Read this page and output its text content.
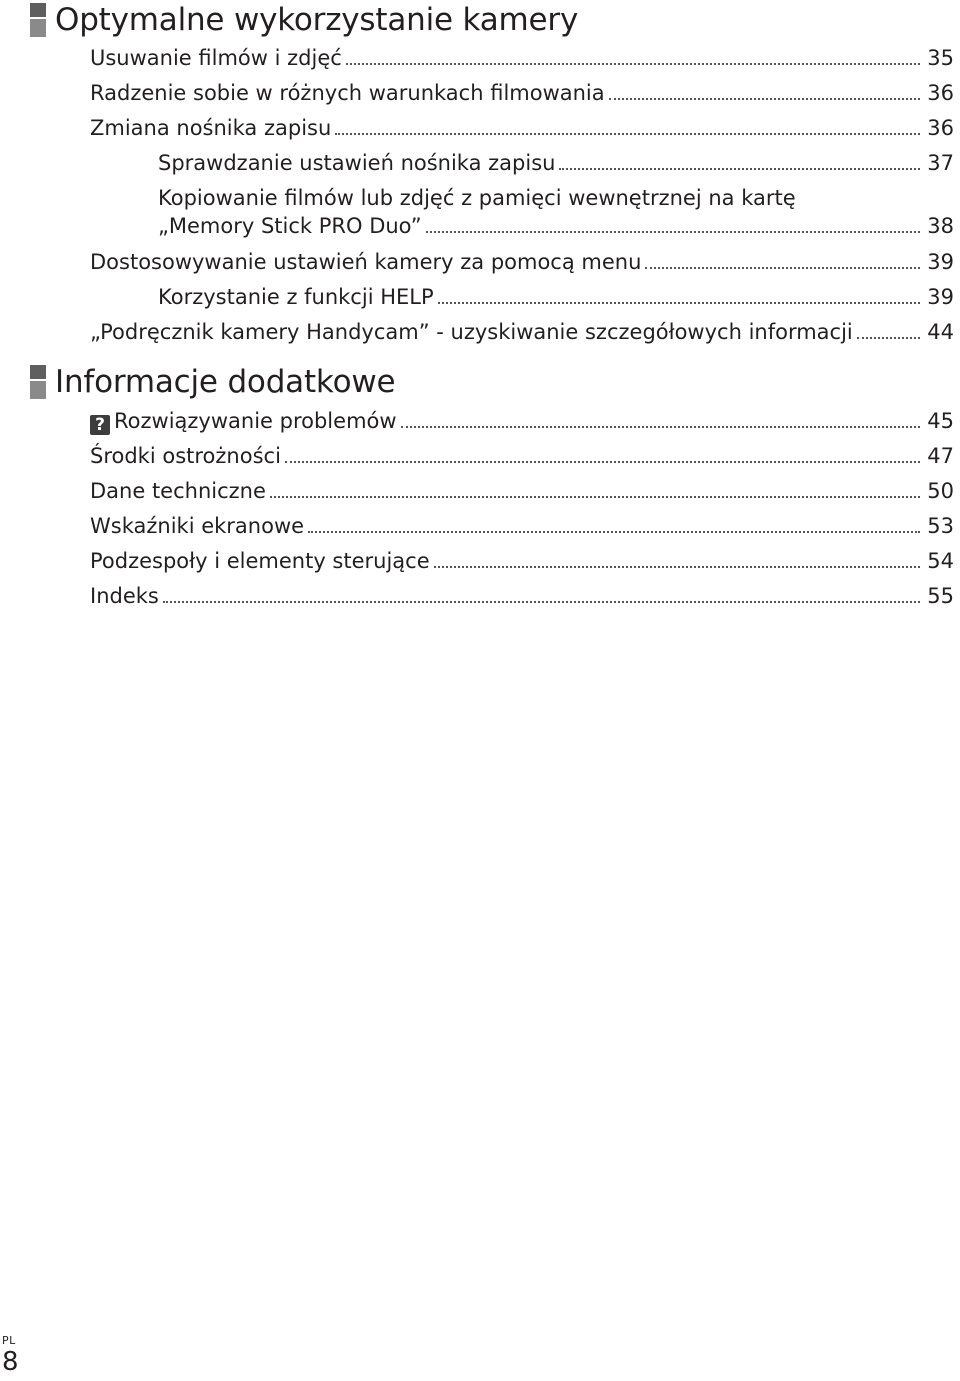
Optymalne wykorzystanie kamery
Usuwanie filmów i zdjęć	35
Radzenie sobie w różnych warunkach filmowania	36
Zmiana nośnika zapisu	36
Sprawdzanie ustawień nośnika zapisu	37
Kopiowanie filmów lub zdjęć z pamięci wewnętrznej na kartę
„Memory Stick PRO Duo”	38
Dostosowywanie ustawień kamery za pomocą menu	39
Korzystanie z funkcji HELP	39
„Podręcznik kamery Handycam” - uzyskiwanie szczegółowych informacji	44
Informacje dodatkowe
? Rozwiązywanie problemów	45
Środki ostrożności	47
Dane techniczne	50
Wskaźniki ekranowe	53
Podzespoły i elementy sterujące	54
Indeks	55
PL
8
